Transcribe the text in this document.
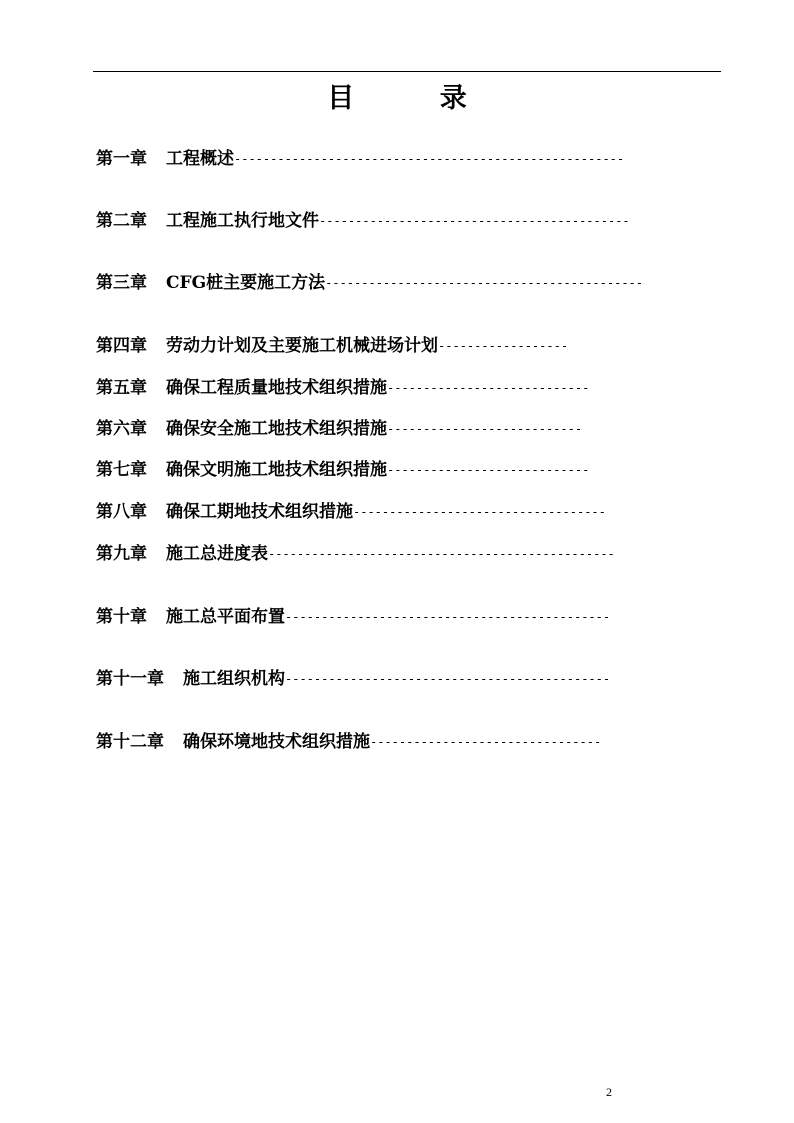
目 录
第一章 工程概述 ------------------------------------------------------
第二章 工程施工执行地文件 -------------------------------------------
第三章 CFG桩主要施工方法 --------------------------------------------
第四章 劳动力计划及主要施工机械进场计划 ------------------
第五章 确保工程质量地技术组织措施 ----------------------------
第六章 确保安全施工地技术组织措施 ---------------------------
第七章 确保文明施工地技术组织措施 ----------------------------
第八章 确保工期地技术组织措施 -----------------------------------
第九章 施工总进度表 ------------------------------------------------
第十章 施工总平面布置 ---------------------------------------------
第十一章 施工组织机构 ---------------------------------------------
第十二章 确保环境地技术组织措施 --------------------------------
2
